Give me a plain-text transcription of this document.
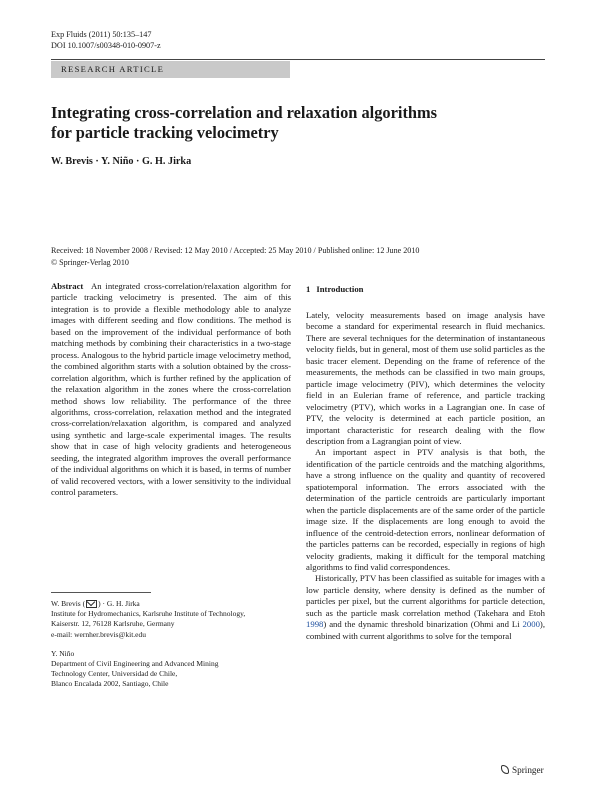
Exp Fluids (2011) 50:135–147
DOI 10.1007/s00348-010-0907-z
RESEARCH ARTICLE
Integrating cross-correlation and relaxation algorithms
for particle tracking velocimetry
W. Brevis · Y. Niño · G. H. Jirka
Received: 18 November 2008 / Revised: 12 May 2010 / Accepted: 25 May 2010 / Published online: 12 June 2010
© Springer-Verlag 2010

Abstract An integrated cross-correlation/relaxation algorithm for particle tracking velocimetry is presented. The aim of this integration is to provide a flexible methodology able to analyze images with different seeding and flow conditions. The method is based on the improvement of the individual performance of both matching methods by combining their characteristics in a two-stage process. Analogous to the hybrid particle image velocimetry method, the combined algorithm starts with a solution obtained by the cross-correlation algorithm, which is further refined by the application of the relaxation algorithm in the zones where the cross-correlation method shows low reliability. The performance of the three algorithms, cross-correlation, relaxation method and the integrated cross-correlation/relaxation algorithm, is compared and analyzed using synthetic and large-scale experimental images. The results show that in case of high velocity gradients and heterogeneous seeding, the integrated algorithm improves the overall performance of the individual algorithms on which it is based, in terms of number of valid recovered vectors, with a lower sensitivity to the individual control parameters.

1 Introduction

Lately, velocity measurements based on image analysis have become a standard for experimental research in fluid mechanics. There are several techniques for the determination of instantaneous velocity fields, but in general, most of them use solid particles as the basic tracer element. Depending on the frame of reference of the measurements, the methods can be classified in two main groups, particle image velocimetry (PIV), which determines the velocity field in an Eulerian frame of reference, and particle tracking velocimetry (PTV), which works in a Lagrangian one. In case of PTV, the velocity is determined at each particle position, an important characteristic for research dealing with the flow description from a Lagrangian point of view.

An important aspect in PTV analysis is that both, the identification of the particle centroids and the matching algorithms, have a strong influence on the quality and quantity of recovered spatiotemporal information. The errors associated with the determination of the particle centroids are particularly important when the particle displacements are of the same order of the particle image size. If the displacements are long enough to avoid the influence of the centroid-detection errors, nonlinear deformation of the particles patterns can be recorded, especially in regions of high velocity gradients, making it difficult for the temporal matching algorithms to find valid correspondences.

Historically, PTV has been classified as suitable for images with a low particle density, where density is defined as the number of particles per pixel, but the current algorithms for particle detection, such as the particle mask correlation method (Takehara and Etoh 1998) and the dynamic threshold binarization (Ohmi and Li 2000), combined with current algorithms to solve for the temporal

W. Brevis ( ) · G. H. Jirka
Institute for Hydromechanics, Karlsruhe Institute of Technology,
Kaiserstr. 12, 76128 Karlsruhe, Germany
e-mail: wernher.brevis@kit.edu
Y. Niño
Department of Civil Engineering and Advanced Mining
Technology Center, Universidad de Chile,
Blanco Encalada 2002, Santiago, Chile
Springer
